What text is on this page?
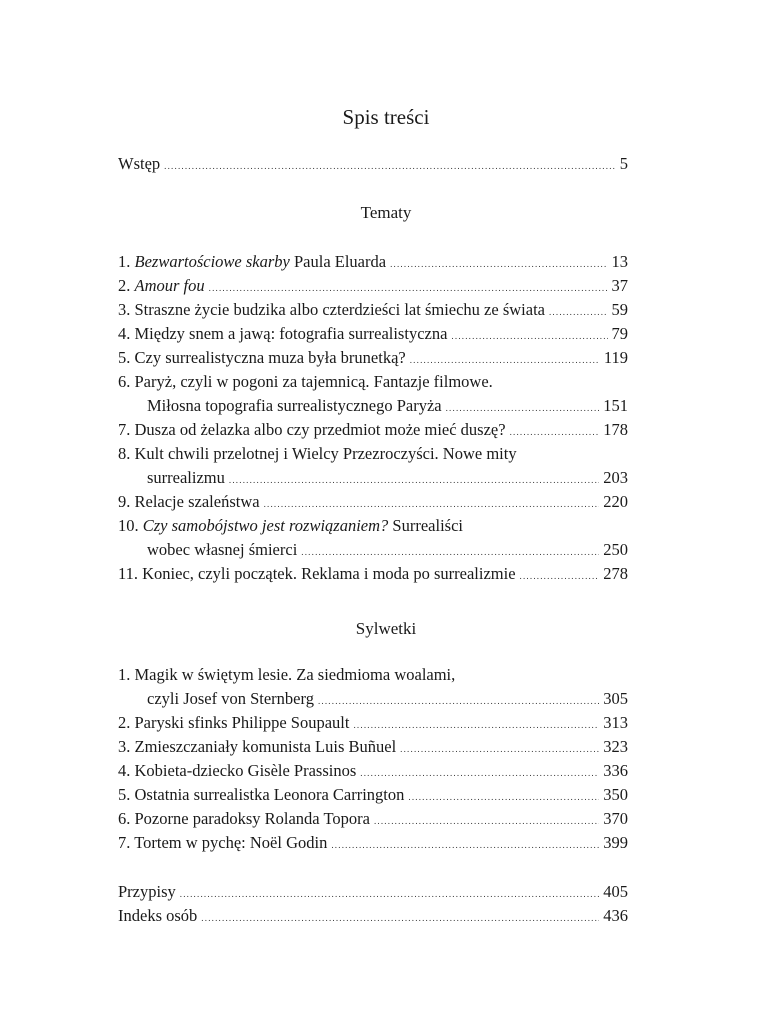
Spis treści
Wstęp .....	5
Tematy
1. Bezwartościowe skarby Paula Eluarda .....	13
2. Amour fou .....	37
3. Straszne życie budzika albo czterdzieści lat śmiechu ze świata .....	59
4. Między snem a jawą: fotografia surrealistyczna .....	79
5. Czy surrealistyczna muza była brunetką? .....	119
6. Paryż, czyli w pogoni za tajemnicą. Fantazje filmowe.
Miłosna topografia surrealistycznego Paryża .....	151
7. Dusza od żelazka albo czy przedmiot może mieć duszę? .....	178
8. Kult chwili przelotnej i Wielcy Przezroczyści. Nowe mity
surrealizmu .....	203
9. Relacje szaleństwa .....	220
10. Czy samobójstwo jest rozwiązaniem? Surrealiści
wobec własnej śmierci .....	250
11. Koniec, czyli początek. Reklama i moda po surrealizmie .....	278
Sylwetki
1. Magik w świętym lesie. Za siedmioma woalami,
czyli Josef von Sternberg .....	305
2. Paryski sfinks Philippe Soupault .....	313
3. Zmieszczaniały komunista Luis Buñuel .....	323
4. Kobieta-dziecko Gisèle Prassinos .....	336
5. Ostatnia surrealistka Leonora Carrington .....	350
6. Pozorne paradoksy Rolanda Topora .....	370
7. Tortem w pychę: Noël Godin .....	399
Przypisy .....	405
Indeks osób .....	436
